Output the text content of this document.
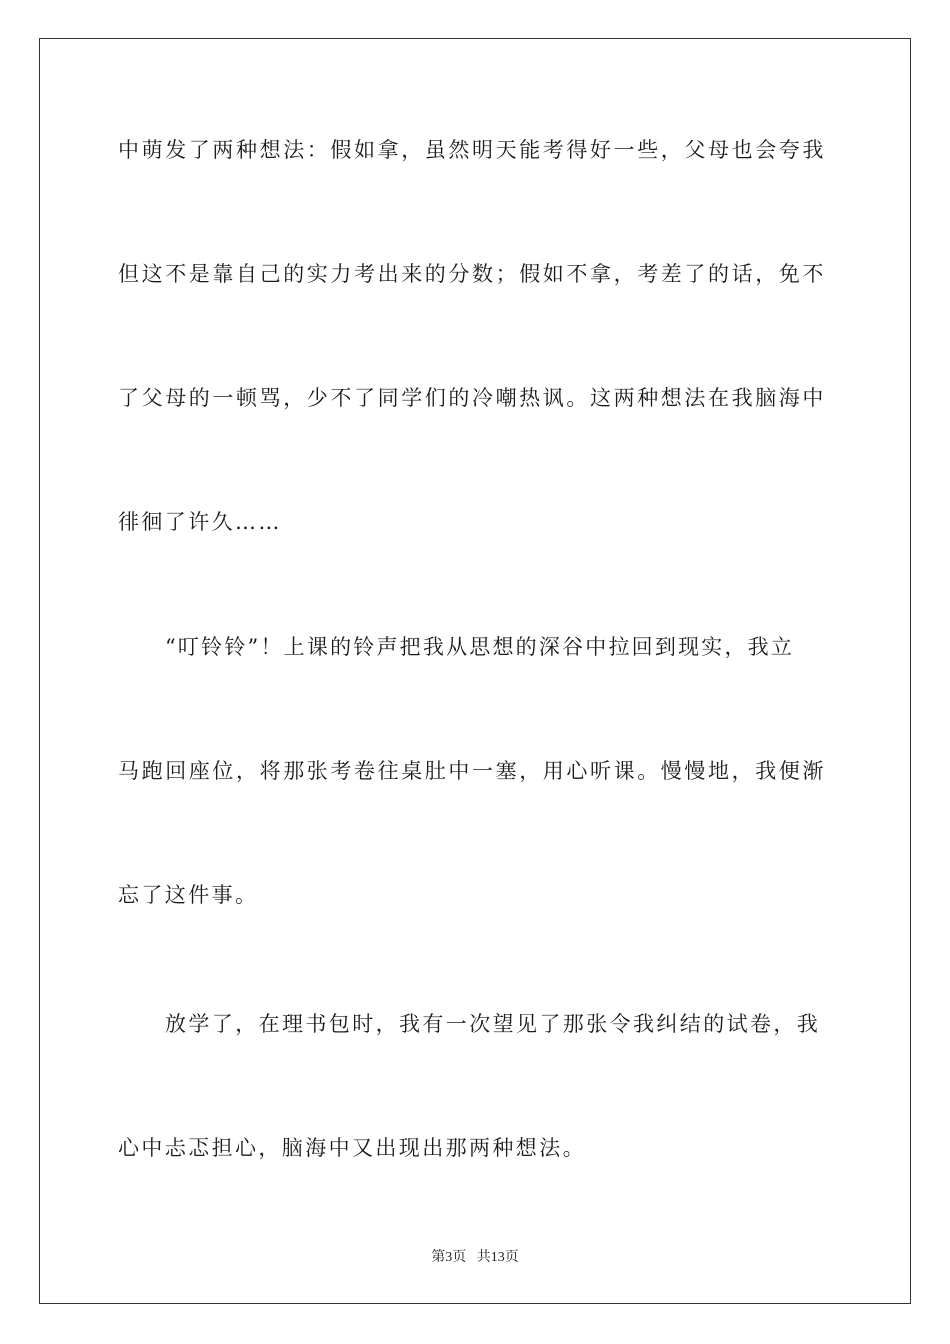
中萌发了两种想法：假如拿，虽然明天能考得好一些，父母也会夸我
但这不是靠自己的实力考出来的分数；假如不拿，考差了的话，免不
了父母的一顿骂，少不了同学们的冷嘲热讽。这两种想法在我脑海中
徘徊了许久……
“叮铃铃”！上课的铃声把我从思想的深谷中拉回到现实，我立
马跑回座位，将那张考卷往桌肚中一塞，用心听课。慢慢地，我便渐
忘了这件事。
放学了，在理书包时，我有一次望见了那张令我纠结的试卷，我
心中忐忑担心，脑海中又出现出那两种想法。
第3页   共13页
